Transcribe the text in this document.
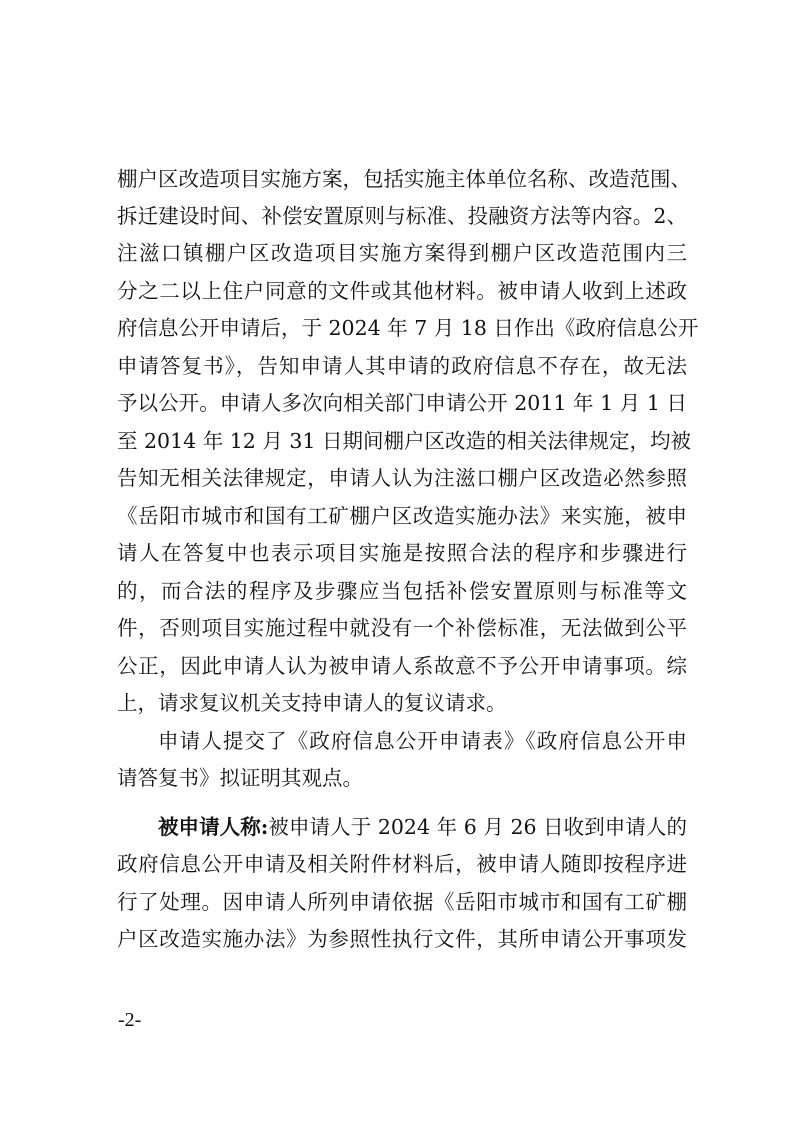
棚户区改造项目实施方案，包括实施主体单位名称、改造范围、
拆迁建设时间、补偿安置原则与标准、投融资方法等内容。2、
注滋口镇棚户区改造项目实施方案得到棚户区改造范围内三
分之二以上住户同意的文件或其他材料。被申请人收到上述政
府信息公开申请后，于 2024 年 7 月 18 日作出《政府信息公开
申请答复书》，告知申请人其申请的政府信息不存在，故无法
予以公开。申请人多次向相关部门申请公开 2011 年 1 月 1 日
至 2014 年 12 月 31 日期间棚户区改造的相关法律规定，均被
告知无相关法律规定，申请人认为注滋口棚户区改造必然参照
《岳阳市城市和国有工矿棚户区改造实施办法》来实施，被申
请人在答复中也表示项目实施是按照合法的程序和步骤进行
的，而合法的程序及步骤应当包括补偿安置原则与标准等文
件，否则项目实施过程中就没有一个补偿标准，无法做到公平
公正，因此申请人认为被申请人系故意不予公开申请事项。综
上，请求复议机关支持申请人的复议请求。
申请人提交了《政府信息公开申请表》《政府信息公开申
请答复书》拟证明其观点。
被申请人称:被申请人于 2024 年 6 月 26 日收到申请人的
政府信息公开申请及相关附件材料后，被申请人随即按程序进
行了处理。因申请人所列申请依据《岳阳市城市和国有工矿棚
户区改造实施办法》为参照性执行文件，其所申请公开事项发
-2-
